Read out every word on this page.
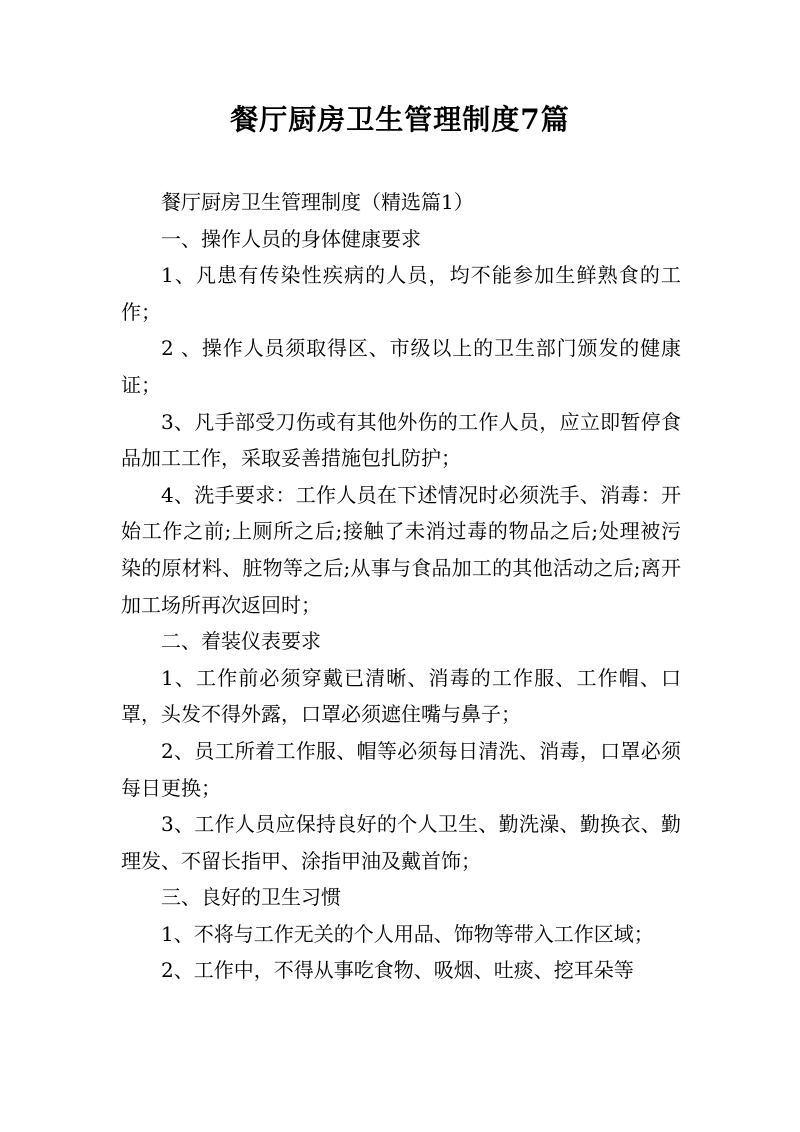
餐厅厨房卫生管理制度7篇

餐厅厨房卫生管理制度（精选篇1）

一、操作人员的身体健康要求

1、凡患有传染性疾病的人员，均不能参加生鲜熟食的工作；

2 、操作人员须取得区、市级以上的卫生部门颁发的健康证；

3、凡手部受刀伤或有其他外伤的工作人员，应立即暂停食品加工工作，采取妥善措施包扎防护；

4、洗手要求：工作人员在下述情况时必须洗手、消毒：开始工作之前;上厕所之后;接触了未消过毒的物品之后;处理被污染的原材料、脏物等之后;从事与食品加工的其他活动之后;离开加工场所再次返回时；

二、着装仪表要求

1、工作前必须穿戴已清晰、消毒的工作服、工作帽、口罩，头发不得外露，口罩必须遮住嘴与鼻子；

2、员工所着工作服、帽等必须每日清洗、消毒，口罩必须每日更换；

3、工作人员应保持良好的个人卫生、勤洗澡、勤换衣、勤理发、不留长指甲、涂指甲油及戴首饰；

三、良好的卫生习惯

1、不将与工作无关的个人用品、饰物等带入工作区域；

2、工作中，不得从事吃食物、吸烟、吐痰、挖耳朵等
